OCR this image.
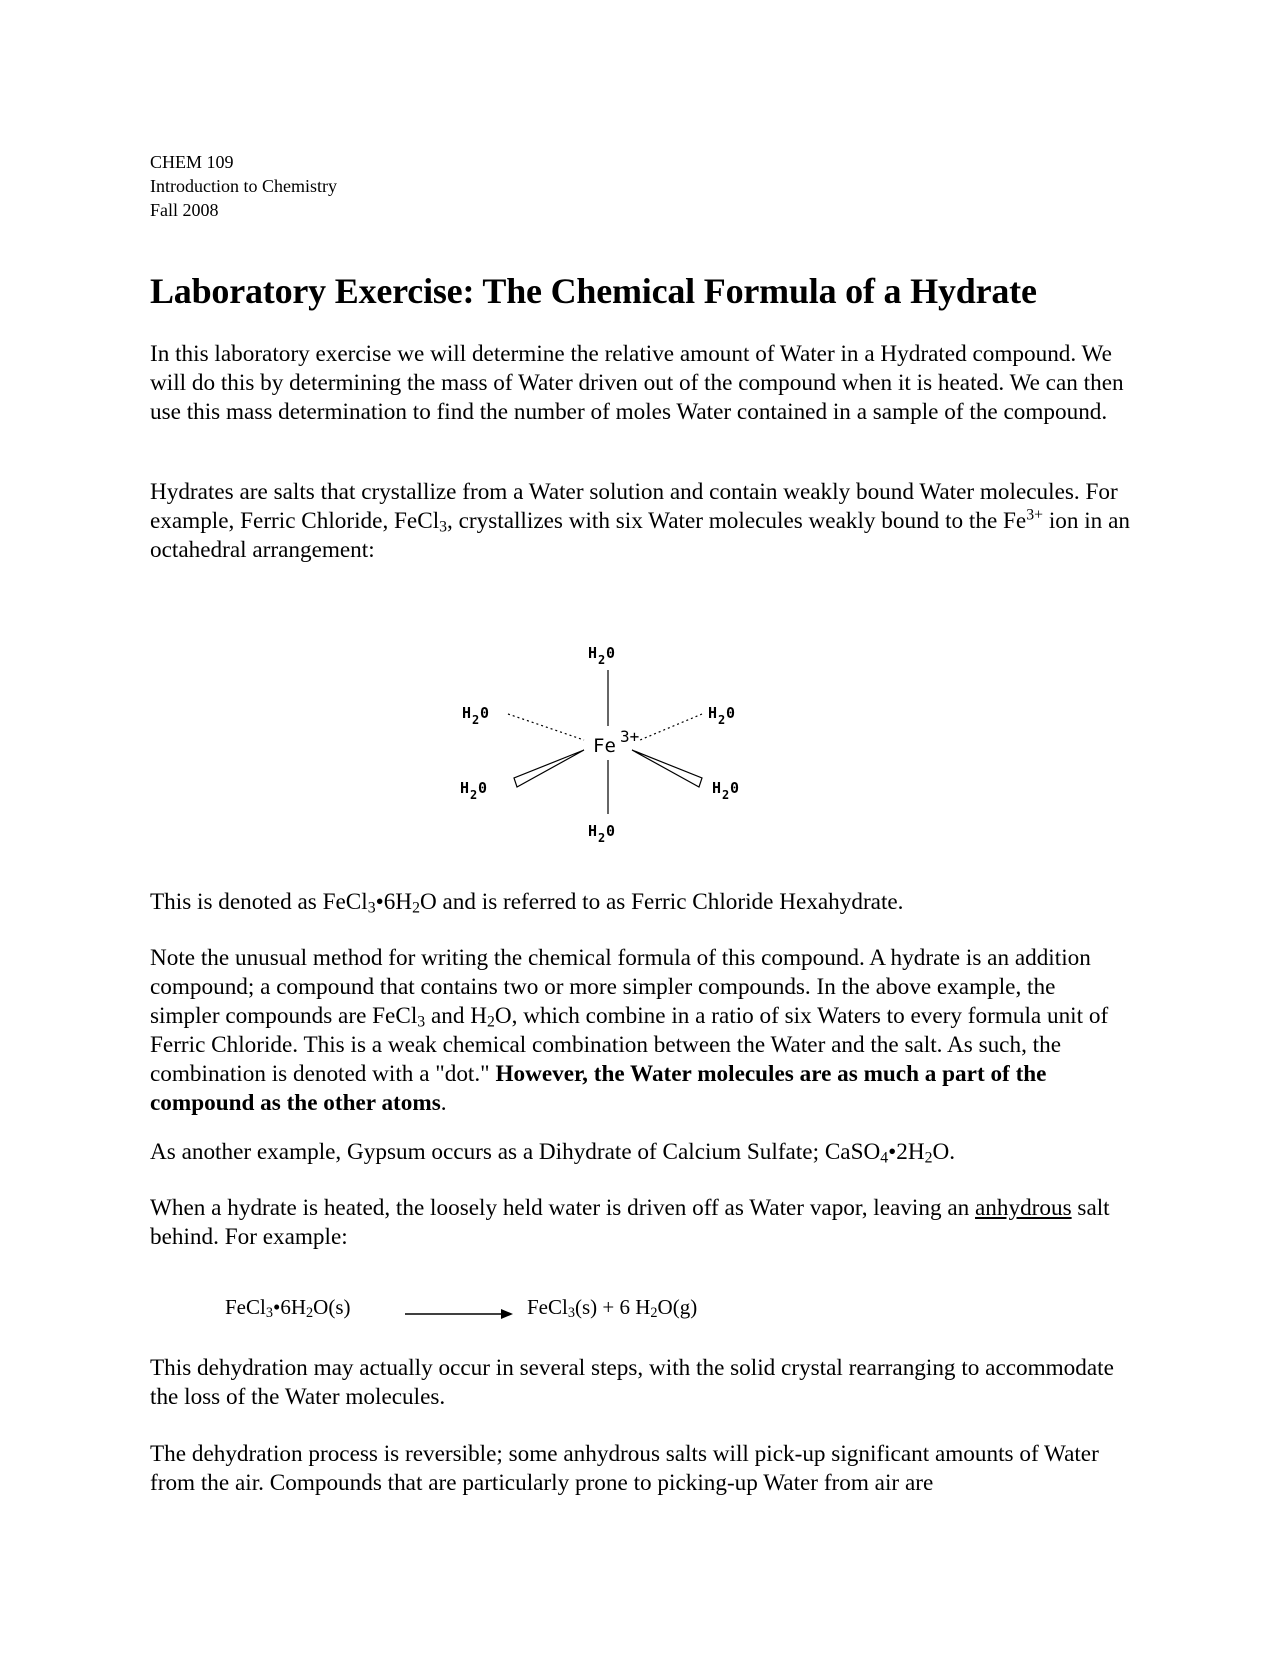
CHEM 109
Introduction to Chemistry
Fall 2008
Laboratory Exercise: The Chemical Formula of a Hydrate

In this laboratory exercise we will determine the relative amount of Water in a Hydrated compound. We will do this by determining the mass of Water driven out of the compound when it is heated. We can then use this mass determination to find the number of moles Water contained in a sample of the compound.

Hydrates are salts that crystallize from a Water solution and contain weakly bound Water molecules. For example, Ferric Chloride, FeCl$_3$, crystallizes with six Water molecules weakly bound to the $Fe^{3+}$ ion in an octahedral arrangement:

H 2 0
H 2 0	H 2 0
H 2 0	H 2 0
H 2 0
Fe 3+

This is denoted as $FeCl_3•6H_2O$ and is referred to as Ferric Chloride Hexahydrate.

Note the unusual method for writing the chemical formula of this compound. A hydrate is an addition compound; a compound that contains two or more simpler compounds. In the above example, the simpler compounds are FeCl$_3$ and $H_2O$, which combine in a ratio of six Waters to every formula unit of Ferric Chloride. This is a weak chemical combination between the Water and the salt. As such, the combination is denoted with a "dot." However, the Water molecules are as much a part of the compound as the other atoms.

As another example, Gypsum occurs as a Dihydrate of Calcium Sulfate; $CaSO_4•2H_2O$.

When a hydrate is heated, the loosely held water is driven off as Water vapor, leaving an anhydrous salt behind. For example:

$FeCl_3•6H_2O(s)$	FeCl$_3$(s) + 6 $H_2O(g)$

This dehydration may actually occur in several steps, with the solid crystal rearranging to accommodate the loss of the Water molecules.

The dehydration process is reversible; some anhydrous salts will pick-up significant amounts of Water from the air. Compounds that are particularly prone to picking-up Water from air are
